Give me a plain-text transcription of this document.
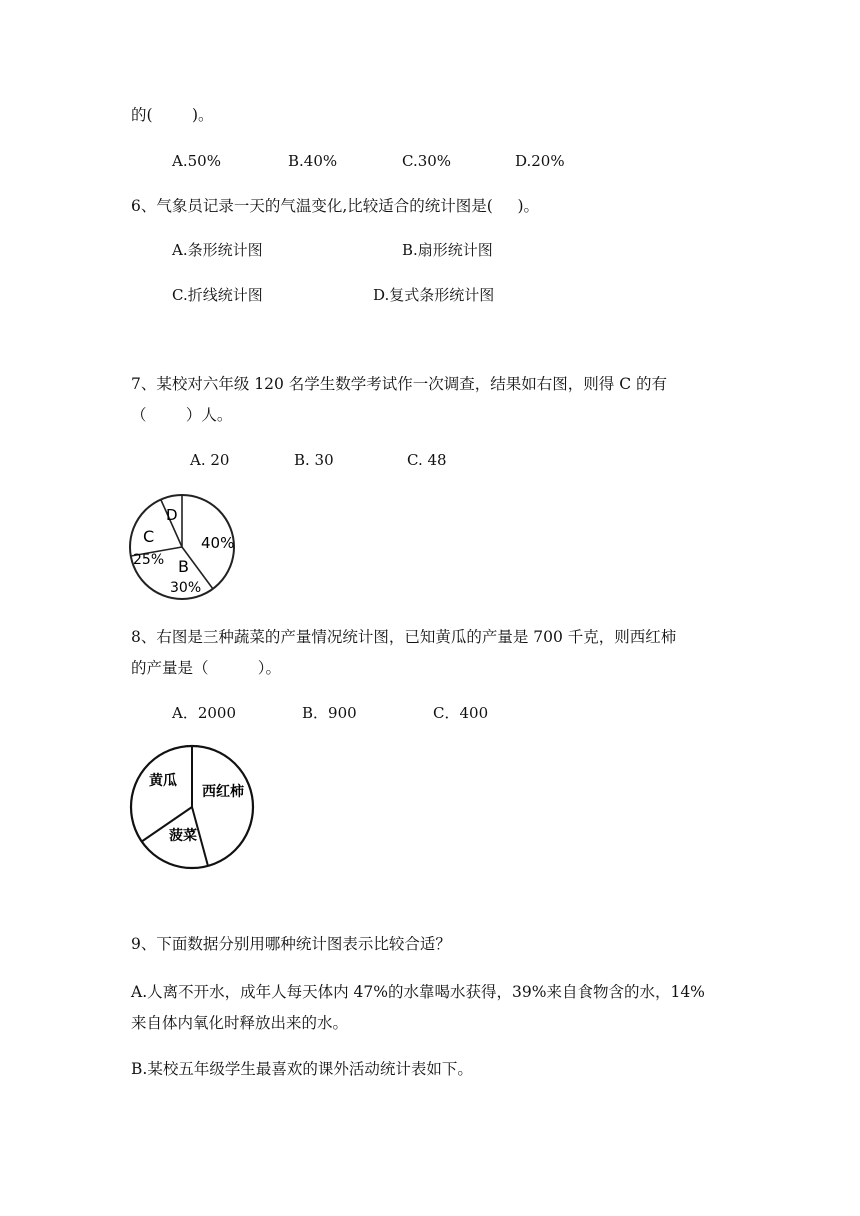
的(        )。
A.50%	B.40%	C.30%	D.20%
6、气象员记录一天的气温变化,比较适合的统计图是(     )。
A.条形统计图	B.扇形统计图
C.折线统计图	D.复式条形统计图
7、某校对六年级 120 名学生数学考试作一次调查，结果如右图，则得 C 的有
（        ）人。
A. 20	B. 30	C. 48
D
C
25% B
30%
40%
8、右图是三种蔬菜的产量情况统计图，已知黄瓜的产量是 700 千克，则西红柿
的产量是（          ）。
A．2000	B．900	C．400
黄瓜
西红柿
菠菜
9、下面数据分别用哪种统计图表示比较合适？
A.人离不开水，成年人每天体内 47%的水靠喝水获得，39%来自食物含的水，14%
来自体内氧化时释放出来的水。
B.某校五年级学生最喜欢的课外活动统计表如下。
